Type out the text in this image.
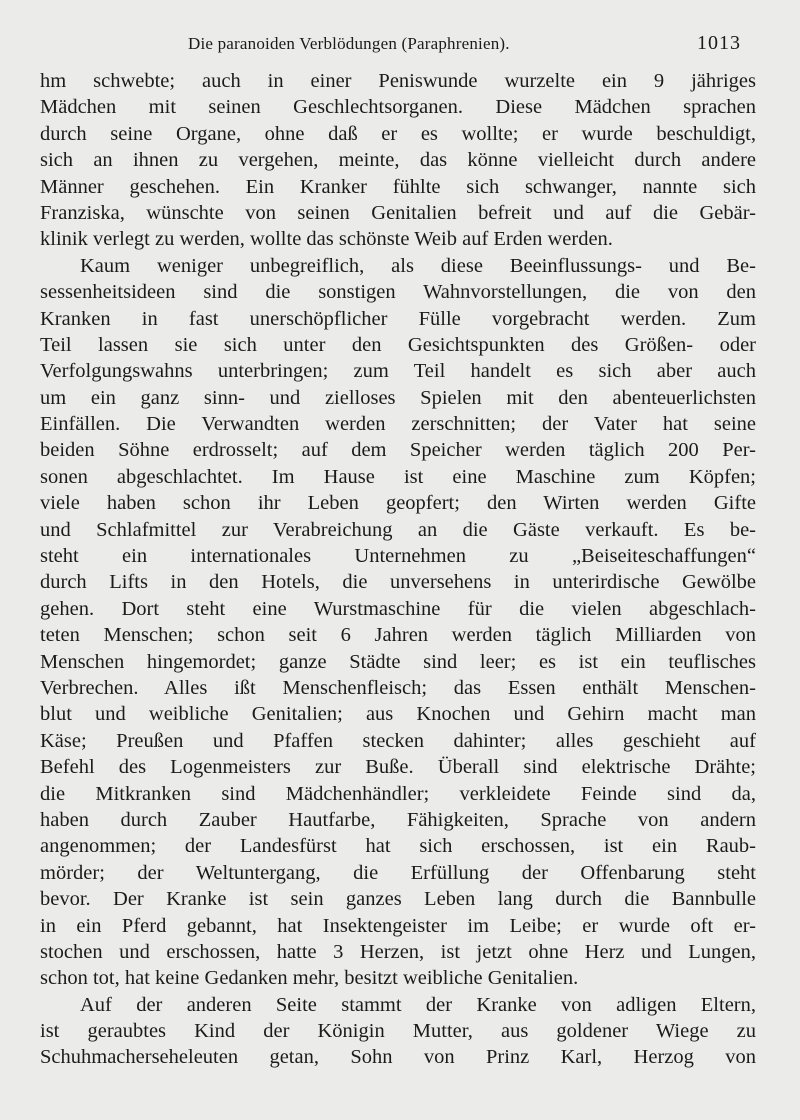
Die paranoiden Verblödungen (Paraphrenien).	1013
hm schwebte; auch in einer Peniswunde wurzelte ein 9 jähriges
Mädchen mit seinen Geschlechtsorganen. Diese Mädchen sprachen
durch seine Organe, ohne daß er es wollte; er wurde beschuldigt,
sich an ihnen zu vergehen, meinte, das könne vielleicht durch andere
Männer geschehen. Ein Kranker fühlte sich schwanger, nannte sich
Franziska, wünschte von seinen Genitalien befreit und auf die Gebär-
klinik verlegt zu werden, wollte das schönste Weib auf Erden werden.
Kaum weniger unbegreiflich, als diese Beeinflussungs- und Be-
sessenheitsideen sind die sonstigen Wahnvorstellungen, die von den
Kranken in fast unerschöpflicher Fülle vorgebracht werden. Zum
Teil lassen sie sich unter den Gesichtspunkten des Größen- oder
Verfolgungswahns unterbringen; zum Teil handelt es sich aber auch
um ein ganz sinn- und zielloses Spielen mit den abenteuerlichsten
Einfällen. Die Verwandten werden zerschnitten; der Vater hat seine
beiden Söhne erdrosselt; auf dem Speicher werden täglich 200 Per-
sonen abgeschlachtet. Im Hause ist eine Maschine zum Köpfen;
viele haben schon ihr Leben geopfert; den Wirten werden Gifte
und Schlafmittel zur Verabreichung an die Gäste verkauft. Es be-
steht ein internationales Unternehmen zu „Beiseiteschaffungen“
durch Lifts in den Hotels, die unversehens in unterirdische Gewölbe
gehen. Dort steht eine Wurstmaschine für die vielen abgeschlach-
teten Menschen; schon seit 6 Jahren werden täglich Milliarden von
Menschen hingemordet; ganze Städte sind leer; es ist ein teuflisches
Verbrechen. Alles ißt Menschenfleisch; das Essen enthält Menschen-
blut und weibliche Genitalien; aus Knochen und Gehirn macht man
Käse; Preußen und Pfaffen stecken dahinter; alles geschieht auf
Befehl des Logenmeisters zur Buße. Überall sind elektrische Drähte;
die Mitkranken sind Mädchenhändler; verkleidete Feinde sind da,
haben durch Zauber Hautfarbe, Fähigkeiten, Sprache von andern
angenommen; der Landesfürst hat sich erschossen, ist ein Raub-
mörder; der Weltuntergang, die Erfüllung der Offenbarung steht
bevor. Der Kranke ist sein ganzes Leben lang durch die Bannbulle
in ein Pferd gebannt, hat Insektengeister im Leibe; er wurde oft er-
stochen und erschossen, hatte 3 Herzen, ist jetzt ohne Herz und Lungen,
schon tot, hat keine Gedanken mehr, besitzt weibliche Genitalien.
Auf der anderen Seite stammt der Kranke von adligen Eltern,
ist geraubtes Kind der Königin Mutter, aus goldener Wiege zu
Schuhmacherseheleuten getan, Sohn von Prinz Karl, Herzog von
